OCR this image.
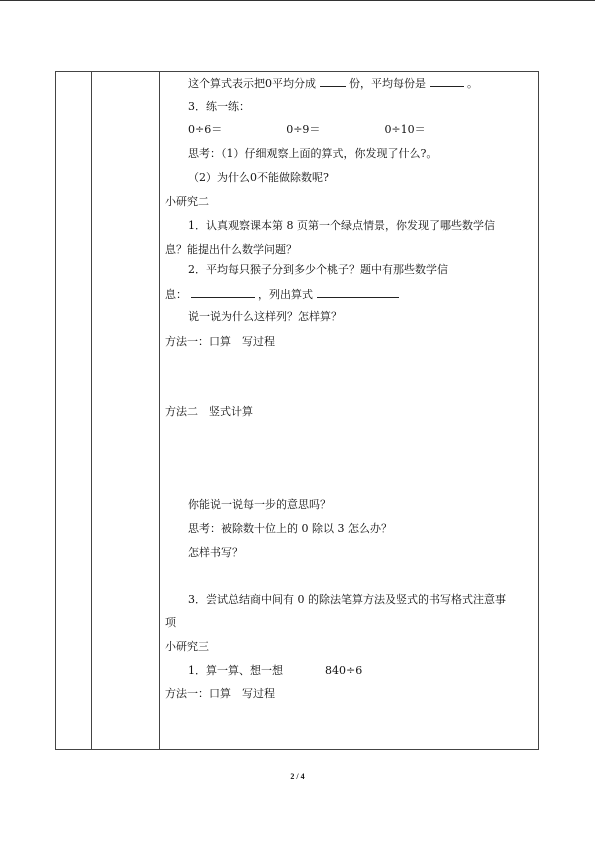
这个算式表示把0平均分成	份，平均每份是	。
3．练一练：
0÷6＝	0÷9＝	0÷10＝
思考：（1）仔细观察上面的算式，你发现了什么?。
（2）为什么0不能做除数呢?
小研究二
1．认真观察课本第 8 页第一个绿点情景，你发现了哪些数学信
息？能提出什么数学问题？
2．平均每只猴子分到多少个桃子？题中有那些数学信
息：	，列出算式
说一说为什么这样列？怎样算？
方法一：口算　写过程
方法二　竖式计算
你能说一说每一步的意思吗？
思考：被除数十位上的 0 除以 3 怎么办？
怎样书写？
3．尝试总结商中间有 0 的除法笔算方法及竖式的书写格式注意事
项
小研究三
1．算一算、想一想	840÷6
方法一：口算　写过程
2 / 4
